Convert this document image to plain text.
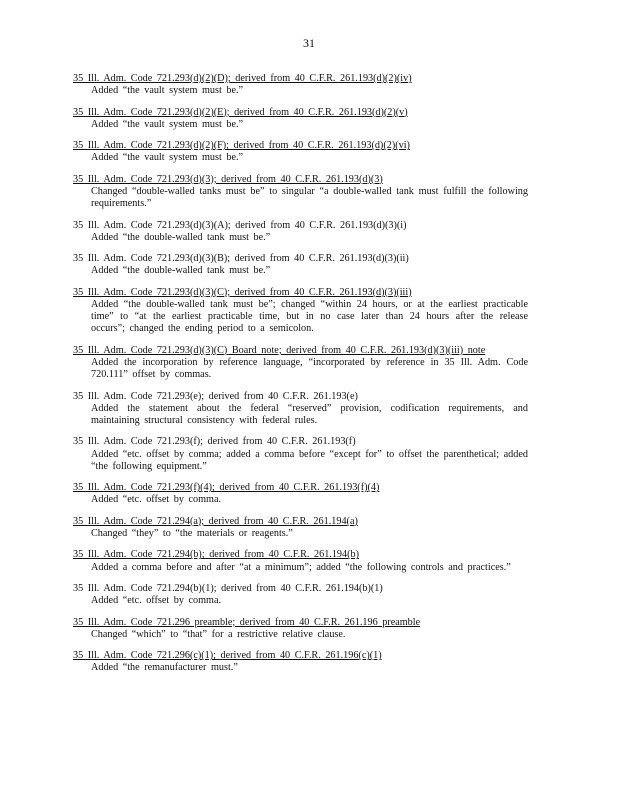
31
35 Ill. Adm. Code 721.293(d)(2)(D); derived from 40 C.F.R. 261.193(d)(2)(iv)
Added “the vault system must be.”
35 Ill. Adm. Code 721.293(d)(2)(E); derived from 40 C.F.R. 261.193(d)(2)(v)
Added “the vault system must be.”
35 Ill. Adm. Code 721.293(d)(2)(F); derived from 40 C.F.R. 261.193(d)(2)(vi)
Added “the vault system must be.”
35 Ill. Adm. Code 721.293(d)(3); derived from 40 C.F.R. 261.193(d)(3)
Changed “double-walled tanks must be” to singular “a double-walled tank must fulfill the following requirements.”
35 Ill. Adm. Code 721.293(d)(3)(A); derived from 40 C.F.R. 261.193(d)(3)(i)
Added “the double-walled tank must be.”
35 Ill. Adm. Code 721.293(d)(3)(B); derived from 40 C.F.R. 261.193(d)(3)(ii)
Added “the double-walled tank must be.”
35 Ill. Adm. Code 721.293(d)(3)(C); derived from 40 C.F.R. 261.193(d)(3)(iii)
Added “the double-walled tank must be”; changed “within 24 hours, or at the earliest practicable time” to “at the earliest practicable time, but in no case later than 24 hours after the release occurs”; changed the ending period to a semicolon.
35 Ill. Adm. Code 721.293(d)(3)(C) Board note; derived from 40 C.F.R. 261.193(d)(3)(iii) note
Added the incorporation by reference language, “incorporated by reference in 35 Ill. Adm. Code 720.111” offset by commas.
35 Ill. Adm. Code 721.293(e); derived from 40 C.F.R. 261.193(e)
Added the statement about the federal “reserved” provision, codification requirements, and maintaining structural consistency with federal rules.
35 Ill. Adm. Code 721.293(f); derived from 40 C.F.R. 261.193(f)
Added “etc. offset by comma; added a comma before “except for” to offset the parenthetical; added “the following equipment.”
35 Ill. Adm. Code 721.293(f)(4); derived from 40 C.F.R. 261.193(f)(4)
Added “etc. offset by comma.
35 Ill. Adm. Code 721.294(a); derived from 40 C.F.R. 261.194(a)
Changed “they” to “the materials or reagents.”
35 Ill. Adm. Code 721.294(b); derived from 40 C.F.R. 261.194(b)
Added a comma before and after “at a minimum”; added “the following controls and practices.”
35 Ill. Adm. Code 721.294(b)(1); derived from 40 C.F.R. 261.194(b)(1)
Added “etc. offset by comma.
35 Ill. Adm. Code 721.296 preamble; derived from 40 C.F.R. 261.196 preamble
Changed “which” to “that” for a restrictive relative clause.
35 Ill. Adm. Code 721.296(c)(1); derived from 40 C.F.R. 261.196(c)(1)
Added “the remanufacturer must.”
